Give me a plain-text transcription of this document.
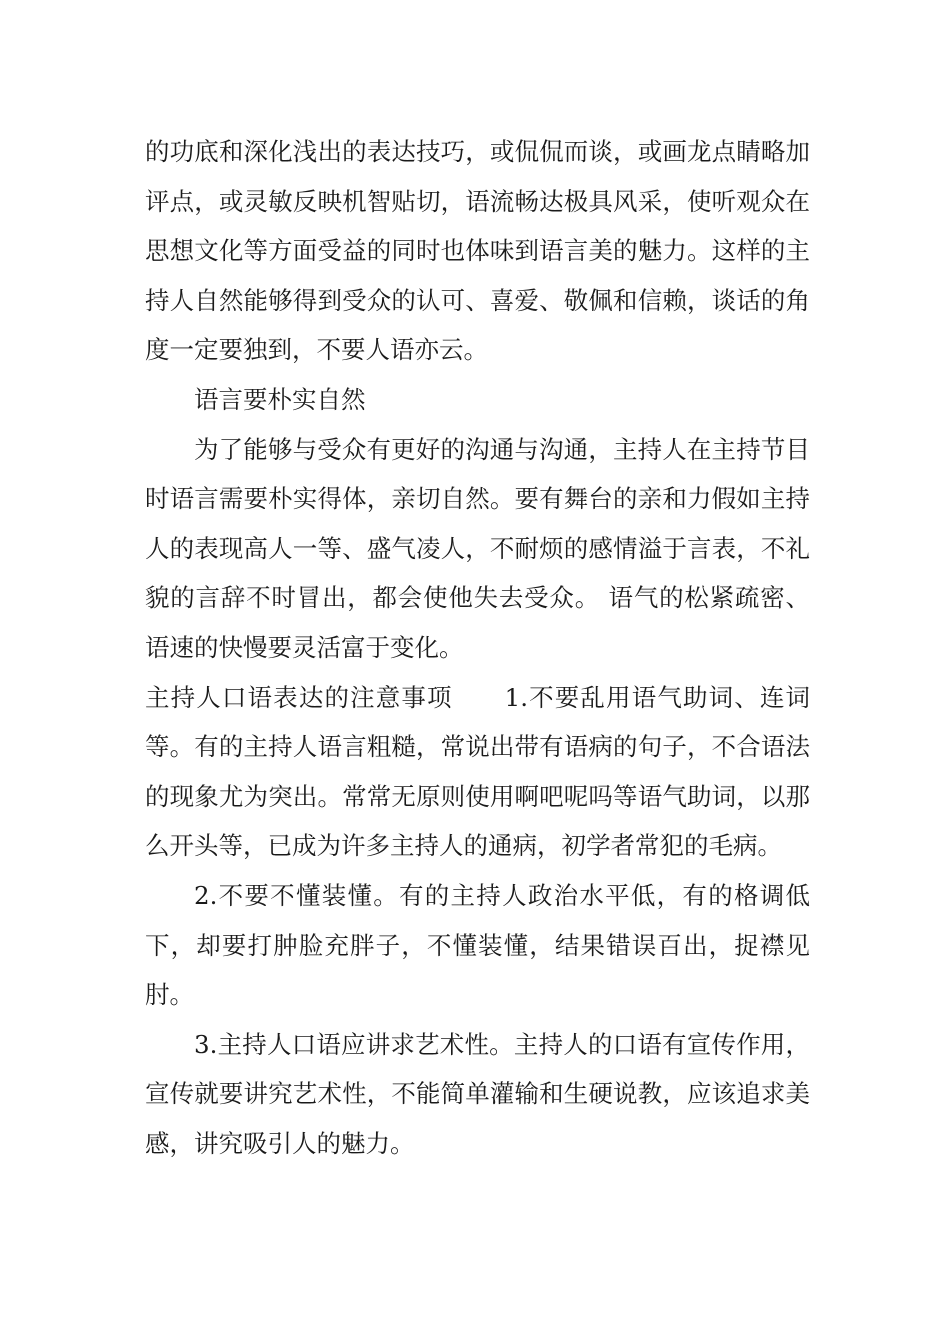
的功底和深化浅出的表达技巧，或侃侃而谈，或画龙点睛略加评点，或灵敏反映机智贴切，语流畅达极具风采，使听观众在思想文化等方面受益的同时也体味到语言美的魅力。这样的主持人自然能够得到受众的认可、喜爱、敬佩和信赖，谈话的角度一定要独到，不要人语亦云。

语言要朴实自然

为了能够与受众有更好的沟通与沟通，主持人在主持节目时语言需要朴实得体，亲切自然。要有舞台的亲和力假如主持人的表现高人一等、盛气凌人，不耐烦的感情溢于言表，不礼貌的言辞不时冒出，都会使他失去受众。 语气的松紧疏密、语速的快慢要灵活富于变化。

主持人口语表达的注意事项 1.不要乱用语气助词、连词等。有的主持人语言粗糙，常说出带有语病的句子，不合语法的现象尤为突出。常常无原则使用啊吧呢吗等语气助词，以那么开头等，已成为许多主持人的通病，初学者常犯的毛病。

2.不要不懂装懂。有的主持人政治水平低，有的格调低下，却要打肿脸充胖子，不懂装懂，结果错误百出，捉襟见肘。

3.主持人口语应讲求艺术性。主持人的口语有宣传作用，宣传就要讲究艺术性，不能简单灌输和生硬说教，应该追求美感，讲究吸引人的魅力。
